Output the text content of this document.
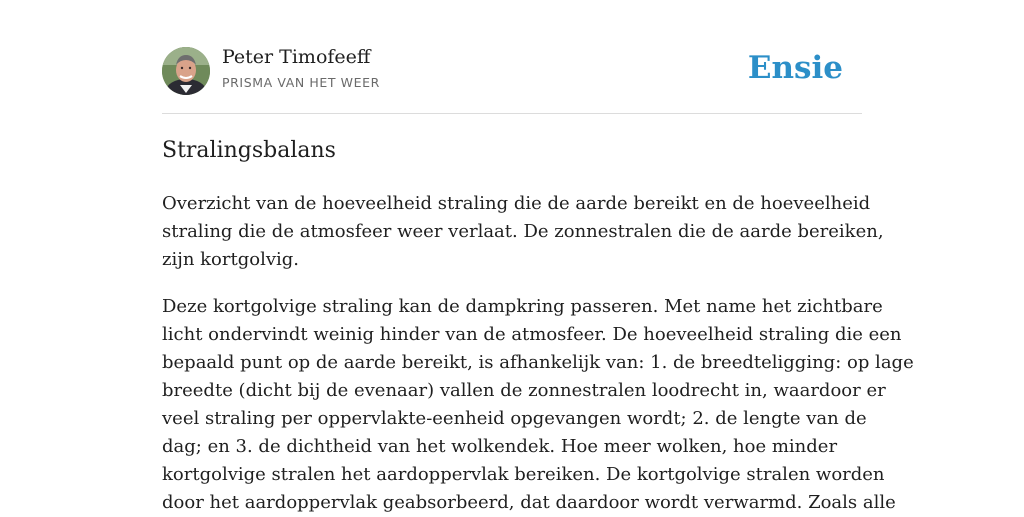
Peter Timofeeff
PRISMA VAN HET WEER	Ensie
Stralingsbalans

Overzicht van de hoeveelheid straling die de aarde bereikt en de hoeveelheid
straling die de atmosfeer weer verlaat. De zonnestralen die de aarde bereiken,
zijn kortgolvig.

Deze kortgolvige straling kan de dampkring passeren. Met name het zichtbare
licht ondervindt weinig hinder van de atmosfeer. De hoeveelheid straling die een
bepaald punt op de aarde bereikt, is afhankelijk van: 1. de breedteligging: op lage
breedte (dicht bij de evenaar) vallen de zonnestralen loodrecht in, waardoor er
veel straling per oppervlakte-eenheid opgevangen wordt; 2. de lengte van de
dag; en 3. de dichtheid van het wolkendek. Hoe meer wolken, hoe minder
kortgolvige stralen het aardoppervlak bereiken. De kortgolvige stralen worden
door het aardoppervlak geabsorbeerd, dat daardoor wordt verwarmd. Zoals alle
